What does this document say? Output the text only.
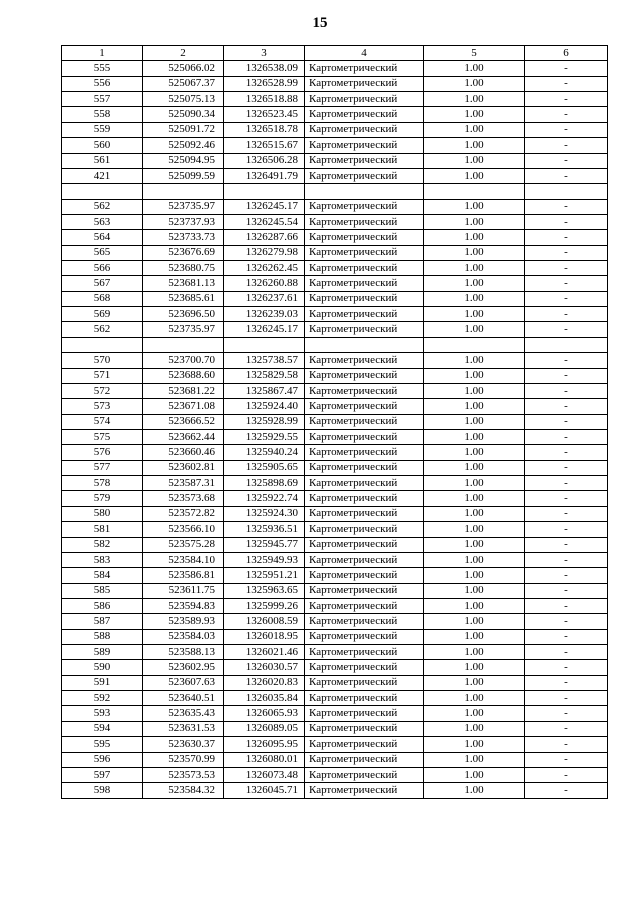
15
1	2	3	4	5	6
555	525066.02	1326538.09	Картометрический	1.00	-
556	525067.37	1326528.99	Картометрический	1.00	-
557	525075.13	1326518.88	Картометрический	1.00	-
558	525090.34	1326523.45	Картометрический	1.00	-
559	525091.72	1326518.78	Картометрический	1.00	-
560	525092.46	1326515.67	Картометрический	1.00	-
561	525094.95	1326506.28	Картометрический	1.00	-
421	525099.59	1326491.79	Картометрический	1.00	-

562	523735.97	1326245.17	Картометрический	1.00	-
563	523737.93	1326245.54	Картометрический	1.00	-
564	523733.73	1326287.66	Картометрический	1.00	-
565	523676.69	1326279.98	Картометрический	1.00	-
566	523680.75	1326262.45	Картометрический	1.00	-
567	523681.13	1326260.88	Картометрический	1.00	-
568	523685.61	1326237.61	Картометрический	1.00	-
569	523696.50	1326239.03	Картометрический	1.00	-
562	523735.97	1326245.17	Картометрический	1.00	-

570	523700.70	1325738.57	Картометрический	1.00	-
571	523688.60	1325829.58	Картометрический	1.00	-
572	523681.22	1325867.47	Картометрический	1.00	-
573	523671.08	1325924.40	Картометрический	1.00	-
574	523666.52	1325928.99	Картометрический	1.00	-
575	523662.44	1325929.55	Картометрический	1.00	-
576	523660.46	1325940.24	Картометрический	1.00	-
577	523602.81	1325905.65	Картометрический	1.00	-
578	523587.31	1325898.69	Картометрический	1.00	-
579	523573.68	1325922.74	Картометрический	1.00	-
580	523572.82	1325924.30	Картометрический	1.00	-
581	523566.10	1325936.51	Картометрический	1.00	-
582	523575.28	1325945.77	Картометрический	1.00	-
583	523584.10	1325949.93	Картометрический	1.00	-
584	523586.81	1325951.21	Картометрический	1.00	-
585	523611.75	1325963.65	Картометрический	1.00	-
586	523594.83	1325999.26	Картометрический	1.00	-
587	523589.93	1326008.59	Картометрический	1.00	-
588	523584.03	1326018.95	Картометрический	1.00	-
589	523588.13	1326021.46	Картометрический	1.00	-
590	523602.95	1326030.57	Картометрический	1.00	-
591	523607.63	1326020.83	Картометрический	1.00	-
592	523640.51	1326035.84	Картометрический	1.00	-
593	523635.43	1326065.93	Картометрический	1.00	-
594	523631.53	1326089.05	Картометрический	1.00	-
595	523630.37	1326095.95	Картометрический	1.00	-
596	523570.99	1326080.01	Картометрический	1.00	-
597	523573.53	1326073.48	Картометрический	1.00	-
598	523584.32	1326045.71	Картометрический	1.00	-
